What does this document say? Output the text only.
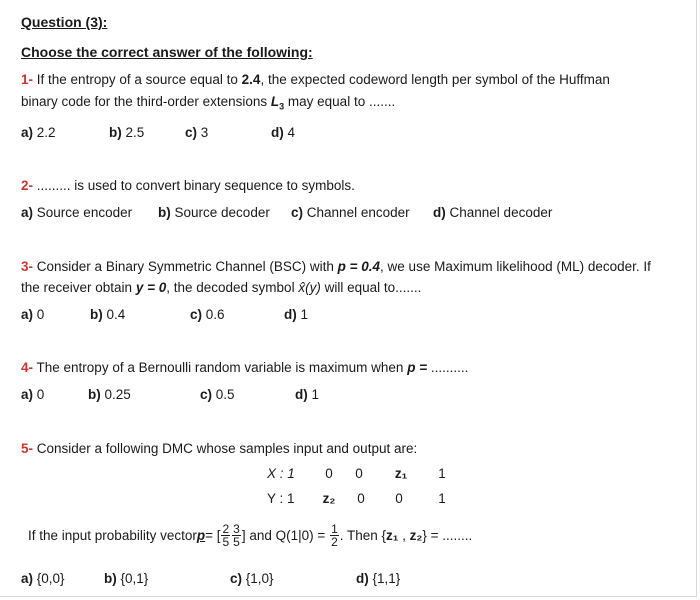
Question (3):
Choose the correct answer of the following:
1- If the entropy of a source equal to 2.4, the expected codeword length per symbol of the Huffman
binary code for the third-order extensions $L_3$ may equal to .......
a) 2.2	b) 2.5	c) 3	d) 4
2- ......... is used to convert binary sequence to symbols.
a) Source encoder b) Source decoder c) Channel encoder d) Channel decoder
3- Consider a Binary Symmetric Channel (BSC) with p = 0.4, we use Maximum likelihood (ML) decoder. If
the receiver obtain y = 0, the decoded symbol x̂(y) will equal to.......
a) 0	b) 0.4	c) 0.6	d) 1
4- The entropy of a Bernoulli random variable is maximum when p = ..........
a) 0	b) 0.25	c) 0.5	d) 1
5- Consider a following DMC whose samples input and output are:
X : 1	0	0	z₁	1
Y : 1	z₂	0	0	1
If the input probability vector p = [ $\frac{2}{5} \frac{3}{5}$ ] and $Q(1|0) = \frac{1}{2}$ . Then { z₁ , z₂ } = ........
a) {0,0}	b) {0,1}	c) {1,0}	d) {1,1}
